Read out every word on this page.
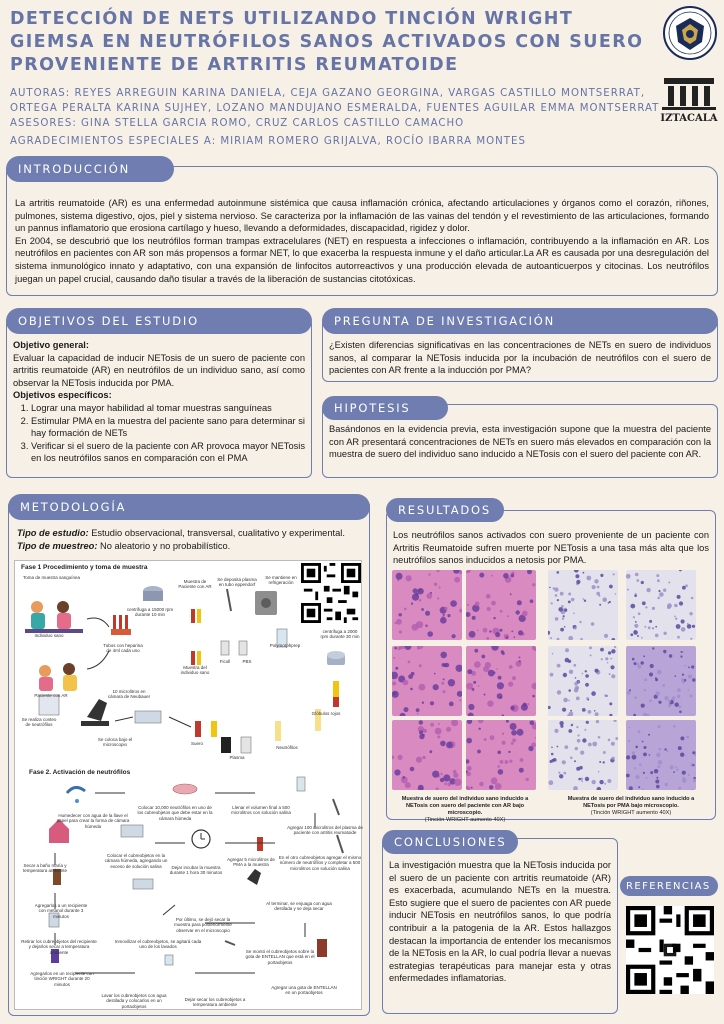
DETECCIÓN DE NETS UTILIZANDO TINCIÓN WRIGHT GIEMSA EN NEUTRÓFILOS SANOS ACTIVADOS CON SUERO PROVENIENTE DE ARTRITIS REUMATOIDE
AUTORAS: REYES ARREGUIN KARINA DANIELA, CEJA GAZANO GEORGINA, VARGAS CASTILLO MONTSERRAT, ORTEGA PERALTA KARINA SUJHEY, LOZANO MANDUJANO ESMERALDA, FUENTES AGUILAR EMMA MONTSERRAT
ASESORES: GINA STELLA GARCIA ROMO, CRUZ CARLOS CASTILLO CAMACHO
AGRADECIMIENTOS ESPECIALES A: MIRIAM ROMERO GRIJALVA, ROCÍO IBARRA MONTES
IZTACALA

La artritis reumatoide (AR) es una enfermedad autoinmune sistémica que causa inflamación crónica, afectando articulaciones y órganos como el corazón, riñones, pulmones, sistema digestivo, ojos, piel y sistema nervioso. Se caracteriza por la inflamación de las vainas del tendón y el revestimiento de las articulaciones, formando un pannus inflamatorio que erosiona cartílago y hueso, llevando a deformidades, discapacidad, rigidez y dolor.

En 2004, se descubrió que los neutrófilos forman trampas extracelulares (NET) en respuesta a infecciones o inflamación, contribuyendo a la inflamación en AR. Los neutrófilos en pacientes con AR son más propensos a formar NET, lo que exacerba la respuesta inmune y el daño articular.La AR es causada por una desregulación del sistema inmunológico innato y adaptativo, con una expansión de linfocitos autorreactivos y una producción elevada de autoanticuerpos y citocinas. Los neutrófilos juegan un papel crucial, causando daño tisular a través de la liberación de sustancias citotóxicas.

INTRODUCCIÓN

Objetivo general:

Evaluar la capacidad de inducir NETosis de un suero de paciente con artritis reumatoide (AR) en neutrófilos de un individuo sano, así como observar la NETosis inducida por PMA.

Objetivos específicos:

1. Lograr una mayor habilidad al tomar muestras sanguíneas
2. Estimular PMA en la muestra del paciente sano para determinar si hay formación de NETs
3. Verificar si el suero de la paciente con AR provoca mayor NETosis en los neutrófilos sanos en comparación con el PMA
OBJETIVOS DEL ESTUDIO

¿Existen diferencias significativas en las concentraciones de NETs en suero de individuos sanos, al comparar la NETosis inducida por la incubación de neutrófilos con el suero de pacientes con AR frente a la inducción por PMA?

PREGUNTA DE INVESTIGACIÓN

Basándonos en la evidencia previa, esta investigación supone que la muestra del paciente con AR presentará concentraciones de NETs en suero más elevados en comparación con la muestra de suero del individuo sano inducido a NETosis con el suero del paciente con AR.

HIPOTESIS

Tipo de estudio: Estudio observacional, transversal, cualitativo y experimental.

Tipo de muestreo: No aleatorio y no probabilístico.

METODOLOGÍA
Fase 1 Procedimiento y toma de muestra
Fase 2. Activación de neutrófilos
Toma de muestra sanguínea
Individuo sano
Paciente con AR
centrifuga a 15000 rpm durante 10 min
Tubos con heparina de 4ml cada uno
Muestra del individuo sano
Muestra de Paciente con AR
Se deposita plasma en tubo eppendorf
Se mantiene en refrigeración
10 microlitros en cámara de Neubauer
Se realiza conteo de neutrófilos
Se coloca bajo el microscopio
Ficoll	PBS
Polymorphprep
centrifuga a 2000 rpm durante 30 min
Glóbulos rojos
Neutrófilos
Plasma
Suero
Humedecer con agua de la llave el papel para crear la forma de cámara húmeda
Colocar 10,000 neutrófilos en uno de los cubreobjetos que debe estar en la cámara húmeda
Llenar el volumen final a 500 microlitros con solución salina
Agregar 100 microlitros del plasma de paciente con artritis reumatoide
Colocar el cubreobjetos en la cámara húmeda, agregando un exceso de solución salina	Dejar incubar la muestra durante 1 hora 30 minutos
Agregar 5 microlitros de PMA a la muestra
En el otro cubreobjetos agregar el mismo número de neutrófilos y completar a 500 microlitros con solución salina
Secar a baño maría y temperatura ambiente
Agregarlos a un recipiente con metanol durante 3 minutos
Retirar los cubreobjetos del recipiente y dejarlos secar a temperatura ambiente
Por último, se dejó secar la muestra para posteriormente observar en el microscopio
Al terminar, se enjuaga con agua destilada y se deja secar
Agregarlos en un recipiente con tinción WRIGHT durante 20 minutos
Lavar los cubreobjetos con agua destilada y colocarlos en un portaobjetos
Dejar secar los cubreobjetos a temperatura ambiente
Agregar una gota de ENTELLAN en un portaobjetos
Se montó el cubreobjetos sobre la gota de ENTELLAN que está en el portaobjetos
Inmovilizar el cubreobjetos, se agitará cada uno de los lavados

Los neutrófilos sanos activados con suero proveniente de un paciente con Artritis Reumatoide sufren muerte por NETosis a una tasa más alta que los neutrófilos sanos inducidos a netosis por PMA.

RESULTADOS
Muestra de suero del individuo sano inducido a NETosis con suero del paciente con AR bajo microscopio.
(Tinción WRIGHT aumento 40X)
Muestra de suero del individuo sano inducido a NETosis por PMA bajo microscopio.
(Tinción WRIGHT aumento 40X)

La investigación muestra que la NETosis inducida por el suero de un paciente con artritis reumatoide (AR) es exacerbada, acumulando NETs en la muestra. Esto sugiere que el suero de pacientes con AR puede inducir NETosis en neutrófilos sanos, lo que podría contribuir a la patogenia de la AR. Estos hallazgos destacan la importancia de entender los mecanismos de la NETosis en la AR, lo cual podría llevar a nuevas estrategias terapéuticas para manejar esta y otras enfermedades inflamatorias.

CONCLUSIONES
REFERENCIAS
